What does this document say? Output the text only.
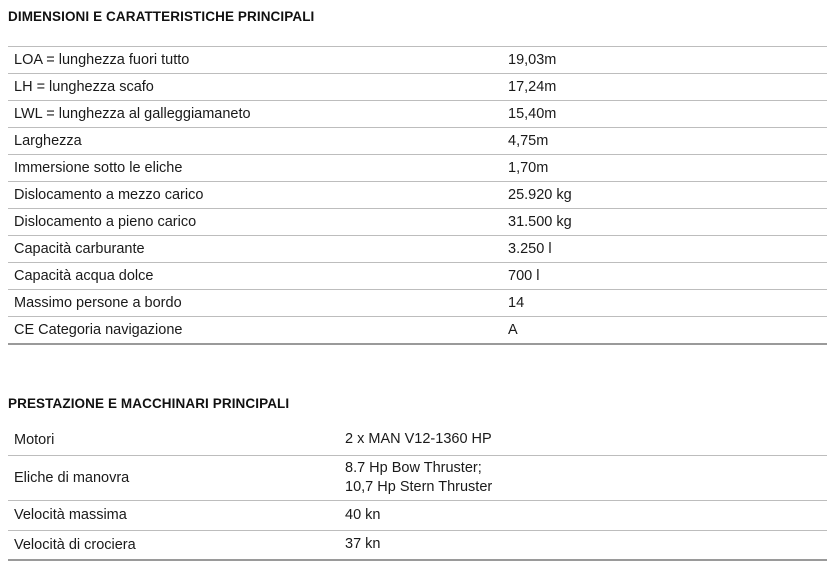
DIMENSIONI E CARATTERISTICHE PRINCIPALI
LOA = lunghezza fuori tutto	19,03m
LH = lunghezza scafo	17,24m
LWL = lunghezza al galleggiamaneto	15,40m
Larghezza	4,75m
Immersione sotto le eliche	1,70m
Dislocamento a mezzo carico	25.920 kg
Dislocamento a pieno carico	31.500 kg
Capacità carburante	3.250 l
Capacità acqua dolce	700 l
Massimo persone a bordo	14
CE Categoria navigazione	A
PRESTAZIONE E MACCHINARI PRINCIPALI
Motori	2 x MAN V12-1360 HP

Eliche di manovra	8.7 Hp Bow Thruster;
10,7 Hp Stern Thruster

Velocità massima	40 kn

Velocità di crociera	37 kn
